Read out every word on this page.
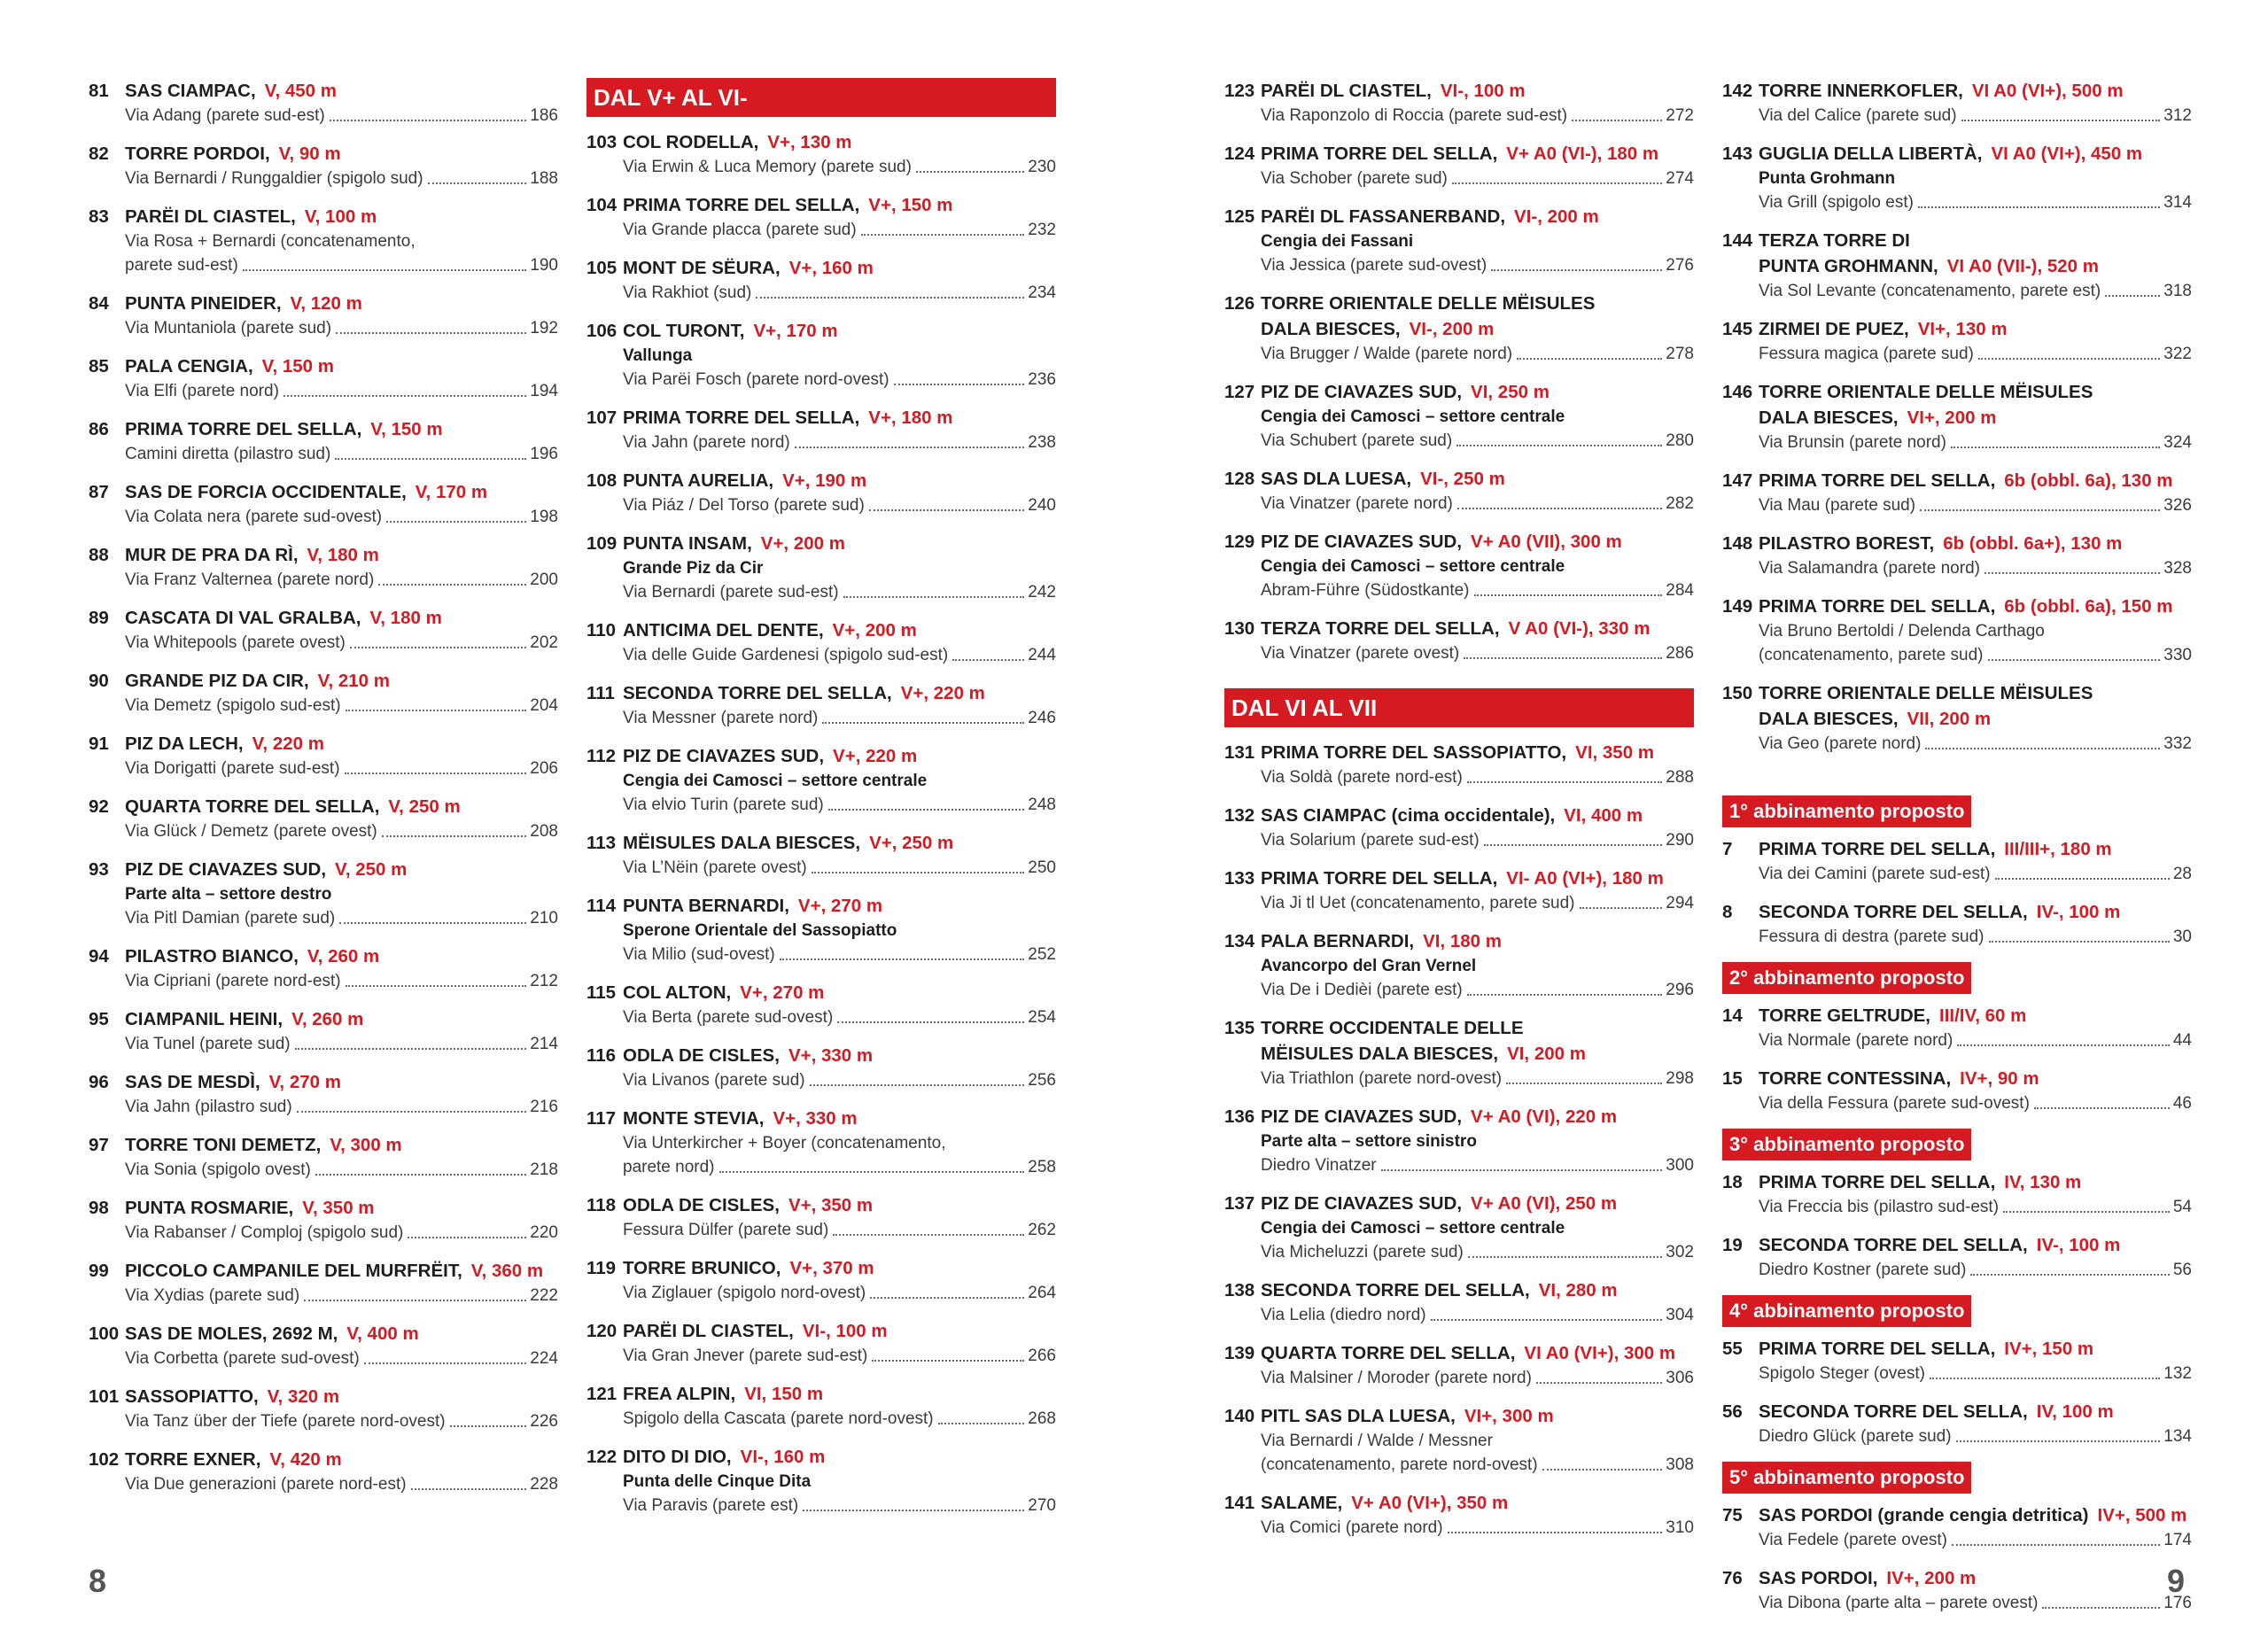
81 SAS CIAMPAC, V, 450 m
Via Adang (parete sud-est)	186
82 TORRE PORDOI, V, 90 m
Via Bernardi / Runggaldier (spigolo sud)	188
83 PARËI DL CIASTEL, V, 100 m
Via Rosa + Bernardi (concatenamento,
parete sud-est)	190
84 PUNTA PINEIDER, V, 120 m
Via Muntaniola (parete sud)	192
85 PALA CENGIA, V, 150 m
Via Elfi (parete nord)	194
86 PRIMA TORRE DEL SELLA, V, 150 m
Camini diretta (pilastro sud)	196
87 SAS DE FORCIA OCCIDENTALE, V, 170 m
Via Colata nera (parete sud-ovest)	198
88 MUR DE PRA DA RÌ, V, 180 m
Via Franz Valternea (parete nord)	200
89 CASCATA DI VAL GRALBA, V, 180 m
Via Whitepools (parete ovest)	202
90 GRANDE PIZ DA CIR, V, 210 m
Via Demetz (spigolo sud-est)	204
91 PIZ DA LECH, V, 220 m
Via Dorigatti (parete sud-est)	206
92 QUARTA TORRE DEL SELLA, V, 250 m
Via Glück / Demetz (parete ovest)	208
93 PIZ DE CIAVAZES SUD, V, 250 m
Parte alta – settore destro
Via Pitl Damian (parete sud)	210
94 PILASTRO BIANCO, V, 260 m
Via Cipriani (parete nord-est)	212
95 CIAMPANIL HEINI, V, 260 m
Via Tunel (parete sud)	214
96 SAS DE MESDÌ, V, 270 m
Via Jahn (pilastro sud)	216
97 TORRE TONI DEMETZ, V, 300 m
Via Sonia (spigolo ovest)	218
98 PUNTA ROSMARIE, V, 350 m
Via Rabanser / Comploj (spigolo sud)	220
99 PICCOLO CAMPANILE DEL MURFRËIT, V, 360 m
Via Xydias (parete sud)	222
100 SAS DE MOLES, 2692 M, V, 400 m
Via Corbetta (parete sud-ovest)	224
101 SASSOPIATTO, V, 320 m
Via Tanz über der Tiefe (parete nord-ovest)	226
102 TORRE EXNER, V, 420 m
Via Due generazioni (parete nord-est)	228
DAL V+ AL VI-
103 COL RODELLA, V+, 130 m
Via Erwin & Luca Memory (parete sud)	230
104 PRIMA TORRE DEL SELLA, V+, 150 m
Via Grande placca (parete sud)	232
105 MONT DE SËURA, V+, 160 m
Via Rakhiot (sud)	234
106 COL TURONT, V+, 170 m
Vallunga
Via Parëi Fosch (parete nord-ovest)	236
107 PRIMA TORRE DEL SELLA, V+, 180 m
Via Jahn (parete nord)	238
108 PUNTA AURELIA, V+, 190 m
Via Piáz / Del Torso (parete sud)	240
109 PUNTA INSAM, V+, 200 m
Grande Piz da Cir
Via Bernardi (parete sud-est)	242
110 ANTICIMA DEL DENTE, V+, 200 m
Via delle Guide Gardenesi (spigolo sud-est)	244
111 SECONDA TORRE DEL SELLA, V+, 220 m
Via Messner (parete nord)	246
112 PIZ DE CIAVAZES SUD, V+, 220 m
Cengia dei Camosci – settore centrale
Via elvio Turin (parete sud)	248
113 MËISULES DALA BIESCES, V+, 250 m
Via L’Nëin (parete ovest)	250
114 PUNTA BERNARDI, V+, 270 m
Sperone Orientale del Sassopiatto
Via Milio (sud-ovest)	252
115 COL ALTON, V+, 270 m
Via Berta (parete sud-ovest)	254
116 ODLA DE CISLES, V+, 330 m
Via Livanos (parete sud)	256
117 MONTE STEVIA, V+, 330 m
Via Unterkircher + Boyer (concatenamento,
parete nord)	258
118 ODLA DE CISLES, V+, 350 m
Fessura Dülfer (parete sud)	262
119 TORRE BRUNICO, V+, 370 m
Via Ziglauer (spigolo nord-ovest)	264
120 PARËI DL CIASTEL, VI-, 100 m
Via Gran Jnever (parete sud-est)	266
121 FREA ALPIN, VI, 150 m
Spigolo della Cascata (parete nord-ovest)	268
122 DITO DI DIO, VI-, 160 m
Punta delle Cinque Dita
Via Paravis (parete est)	270
123 PARËI DL CIASTEL, VI-, 100 m
Via Raponzolo di Roccia (parete sud-est)	272
124 PRIMA TORRE DEL SELLA, V+ A0 (VI-), 180 m
Via Schober (parete sud)	274
125 PARËI DL FASSANERBAND, VI-, 200 m
Cengia dei Fassani
Via Jessica (parete sud-ovest)	276
126 TORRE ORIENTALE DELLE MËISULES
DALA BIESCES, VI-, 200 m
Via Brugger / Walde (parete nord)	278
127 PIZ DE CIAVAZES SUD, VI, 250 m
Cengia dei Camosci – settore centrale
Via Schubert (parete sud)	280
128 SAS DLA LUESA, VI-, 250 m
Via Vinatzer (parete nord)	282
129 PIZ DE CIAVAZES SUD, V+ A0 (VII), 300 m
Cengia dei Camosci – settore centrale
Abram-Führe (Südostkante)	284
130 TERZA TORRE DEL SELLA, V A0 (VI-), 330 m
Via Vinatzer (parete ovest)	286
DAL VI AL VII
131 PRIMA TORRE DEL SASSOPIATTO, VI, 350 m
Via Soldà (parete nord-est)	288
132 SAS CIAMPAC (cima occidentale), VI, 400 m
Via Solarium (parete sud-est)	290
133 PRIMA TORRE DEL SELLA, VI- A0 (VI+), 180 m
Via Ji tl Uet (concatenamento, parete sud)	294
134 PALA BERNARDI, VI, 180 m
Avancorpo del Gran Vernel
Via De i Dedièi (parete est)	296
135 TORRE OCCIDENTALE DELLE
MËISULES DALA BIESCES, VI, 200 m
Via Triathlon (parete nord-ovest)	298
136 PIZ DE CIAVAZES SUD, V+ A0 (VI), 220 m
Parte alta – settore sinistro
Diedro Vinatzer	300
137 PIZ DE CIAVAZES SUD, V+ A0 (VI), 250 m
Cengia dei Camosci – settore centrale
Via Micheluzzi (parete sud)	302
138 SECONDA TORRE DEL SELLA, VI, 280 m
Via Lelia (diedro nord)	304
139 QUARTA TORRE DEL SELLA, VI A0 (VI+), 300 m
Via Malsiner / Moroder (parete nord)	306
140 PITL SAS DLA LUESA, VI+, 300 m
Via Bernardi / Walde / Messner
(concatenamento, parete nord-ovest)	308
141 SALAME, V+ A0 (VI+), 350 m
Via Comici (parete nord)	310
142 TORRE INNERKOFLER, VI A0 (VI+), 500 m
Via del Calice (parete sud)	312
143 GUGLIA DELLA LIBERTÀ, VI A0 (VI+), 450 m
Punta Grohmann
Via Grill (spigolo est)	314
144 TERZA TORRE DI
PUNTA GROHMANN, VI A0 (VII-), 520 m
Via Sol Levante (concatenamento, parete est)	318
145 ZIRMEI DE PUEZ, VI+, 130 m
Fessura magica (parete sud)	322
146 TORRE ORIENTALE DELLE MËISULES
DALA BIESCES, VI+, 200 m
Via Brunsin (parete nord)	324
147 PRIMA TORRE DEL SELLA, 6b (obbl. 6a), 130 m
Via Mau (parete sud)	326
148 PILASTRO BOREST, 6b (obbl. 6a+), 130 m
Via Salamandra (parete nord)	328
149 PRIMA TORRE DEL SELLA, 6b (obbl. 6a), 150 m
Via Bruno Bertoldi / Delenda Carthago
(concatenamento, parete sud)	330
150 TORRE ORIENTALE DELLE MËISULES
DALA BIESCES, VII, 200 m
Via Geo (parete nord)	332
1° abbinamento proposto
7 PRIMA TORRE DEL SELLA, III/III+, 180 m
Via dei Camini (parete sud-est)	28
8 SECONDA TORRE DEL SELLA, IV-, 100 m
Fessura di destra (parete sud)	30
2° abbinamento proposto
14 TORRE GELTRUDE, III/IV, 60 m
Via Normale (parete nord)	44
15 TORRE CONTESSINA, IV+, 90 m
Via della Fessura (parete sud-ovest)	46
3° abbinamento proposto
18 PRIMA TORRE DEL SELLA, IV, 130 m
Via Freccia bis (pilastro sud-est)	54
19 SECONDA TORRE DEL SELLA, IV-, 100 m
Diedro Kostner (parete sud)	56
4° abbinamento proposto
55 PRIMA TORRE DEL SELLA, IV+, 150 m
Spigolo Steger (ovest)	132
56 SECONDA TORRE DEL SELLA, IV, 100 m
Diedro Glück (parete sud)	134
5° abbinamento proposto
75 SAS PORDOI (grande cengia detritica) IV+, 500 m
Via Fedele (parete ovest)	174
76 SAS PORDOI, IV+, 200 m
Via Dibona (parte alta – parete ovest)	176
8	9
